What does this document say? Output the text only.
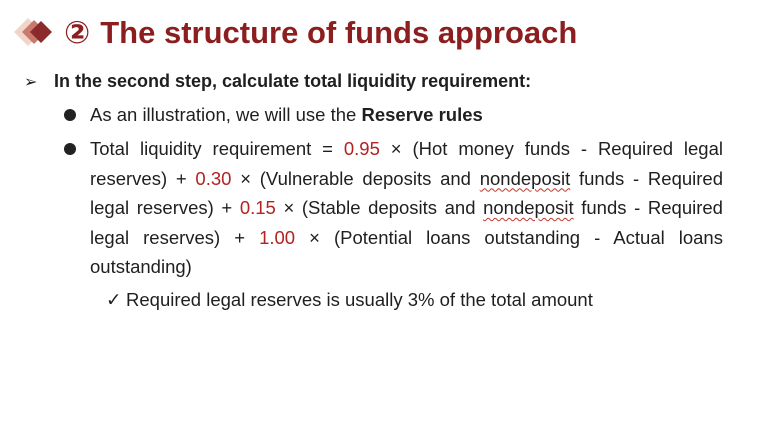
② The structure of funds approach
➢ In the second step, calculate total liquidity requirement:
As an illustration, we will use the Reserve rules
Total liquidity requirement = 0.95 × (Hot money funds - Required legal reserves) + 0.30 × (Vulnerable deposits and nondeposit funds - Required legal reserves) + 0.15 × (Stable deposits and nondeposit funds - Required legal reserves) + 1.00 × (Potential loans outstanding - Actual loans outstanding)
✓ Required legal reserves is usually 3% of the total amount
